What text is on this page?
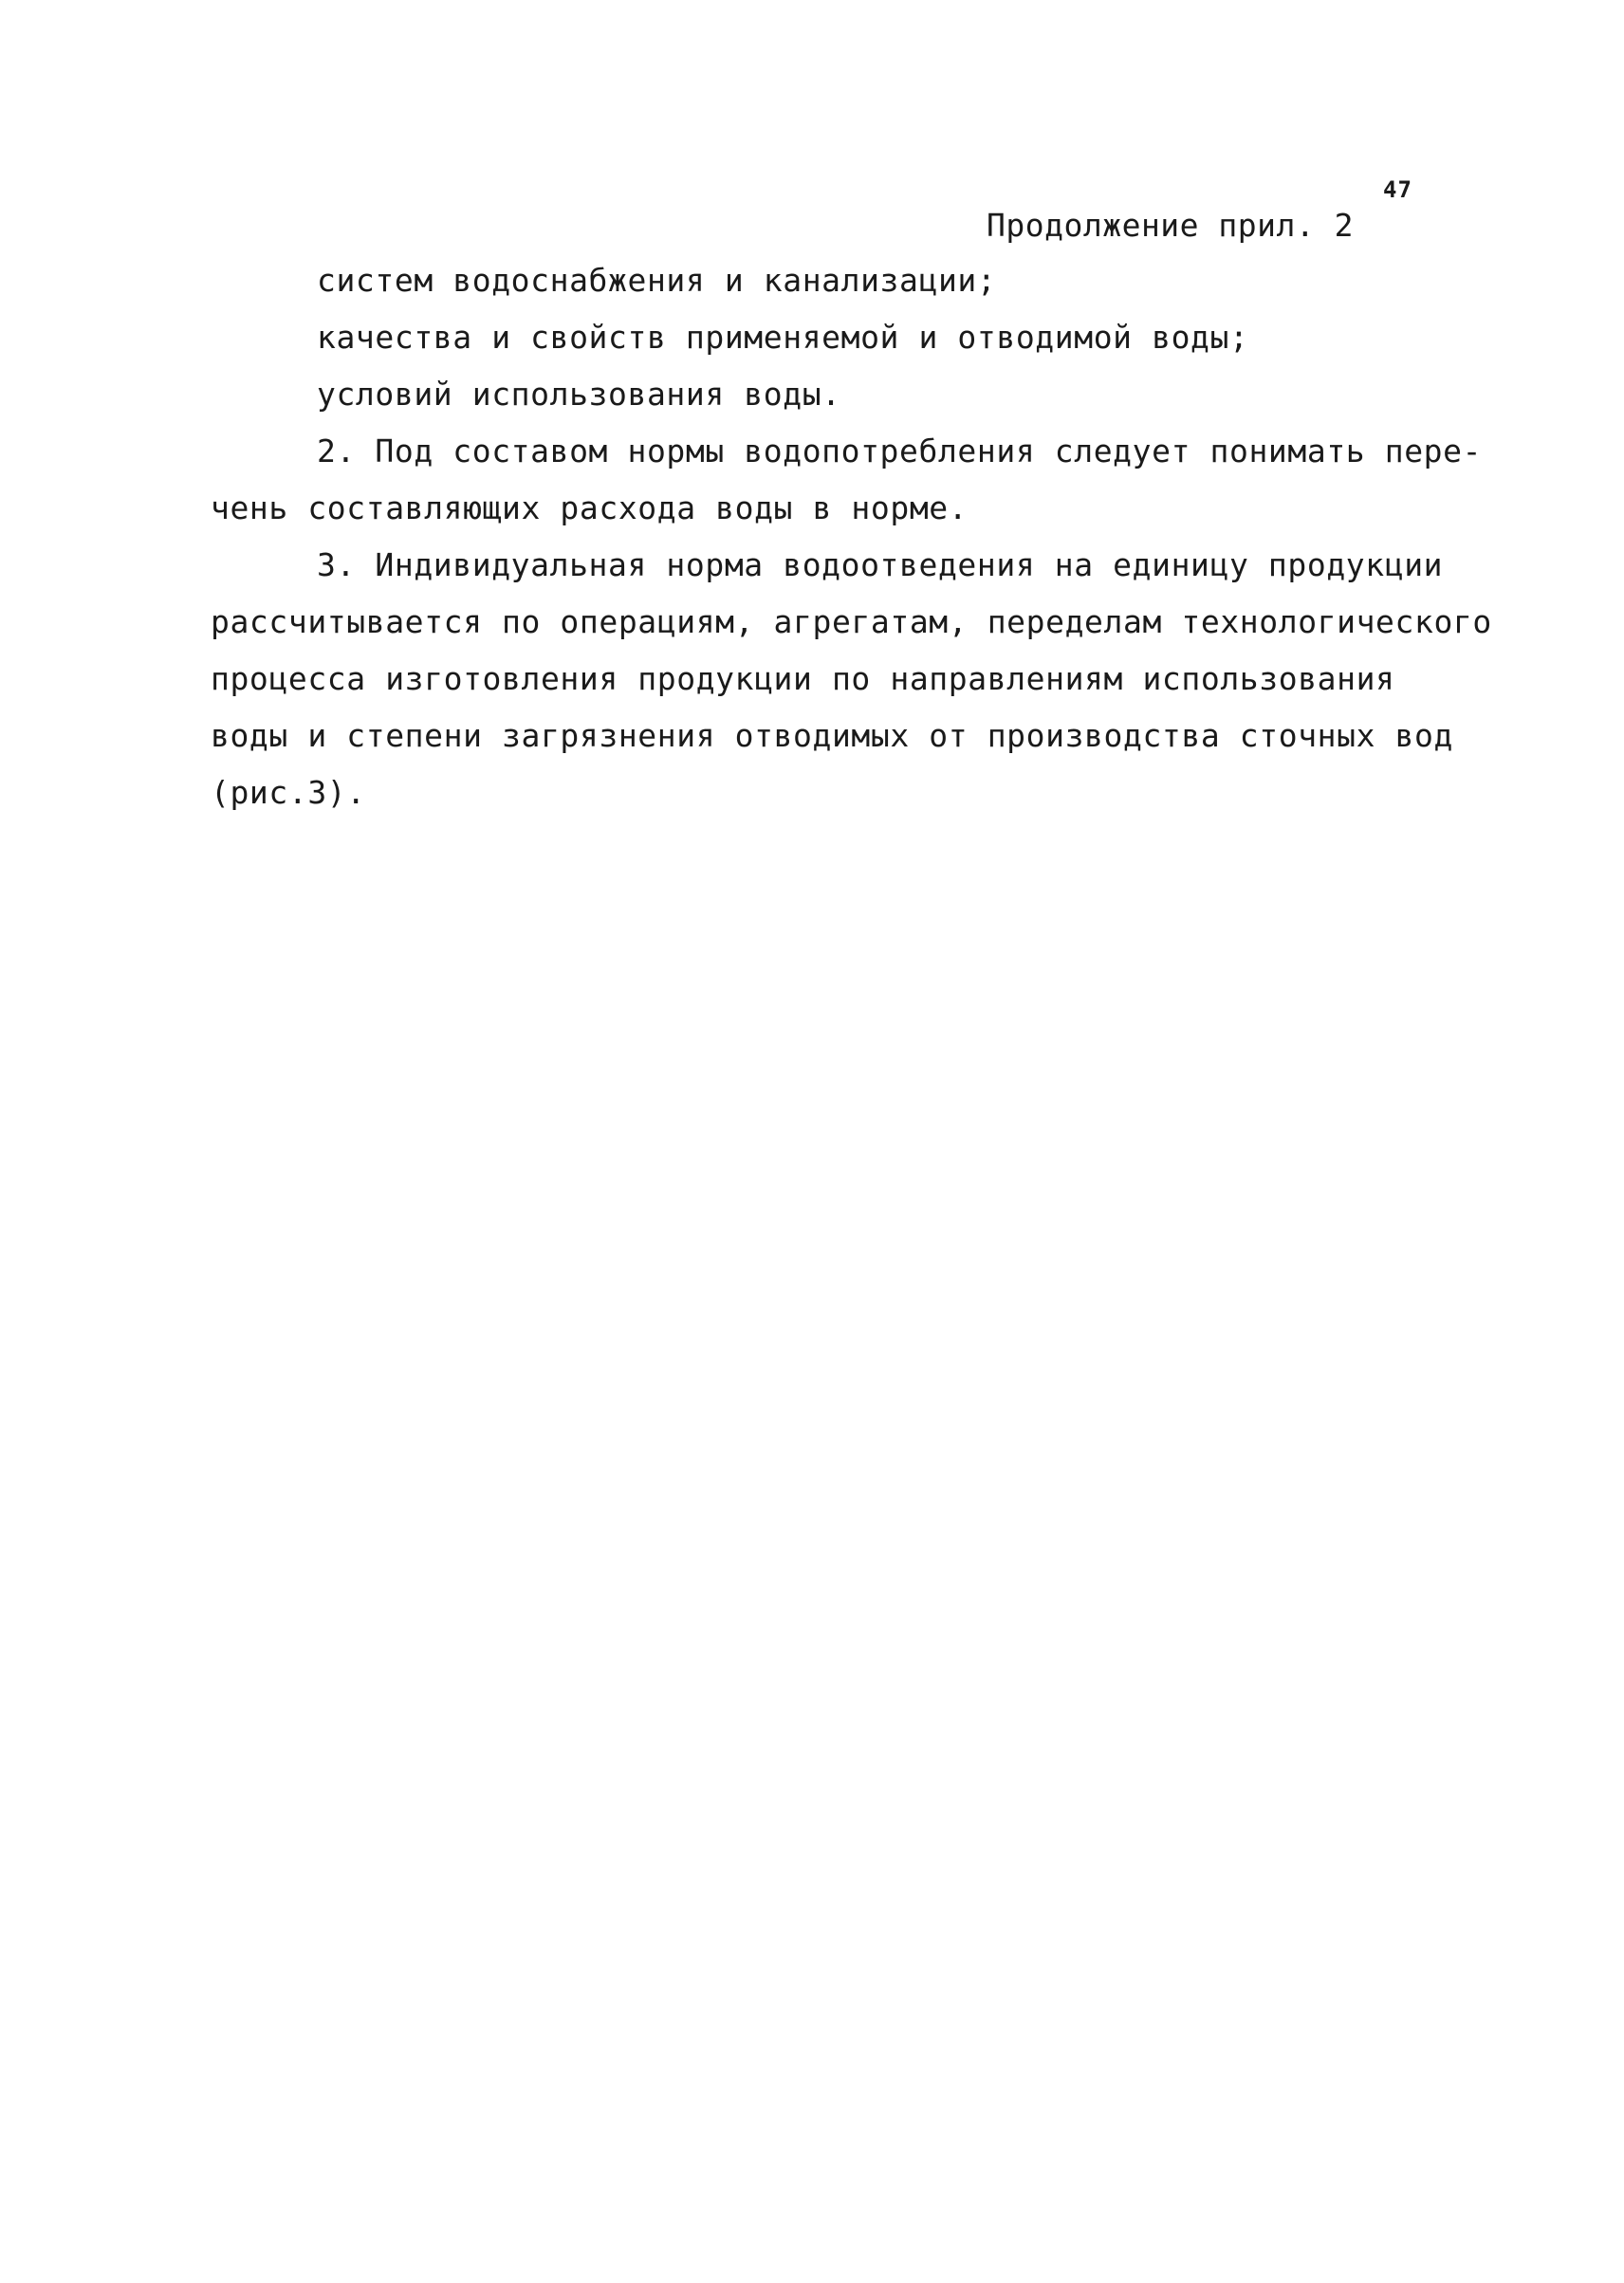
47
Продолжение прил. 2
систем водоснабжения и канализации;
качества и свойств применяемой и отводимой воды;
условий использования воды.
2. Под составом нормы водопотребления следует понимать пере-
чень составляющих расхода воды в норме.
3. Индивидуальная норма водоотведения на единицу продукции
рассчитывается по операциям, агрегатам, переделам технологического
процесса изготовления продукции по направлениям использования
воды и степени загрязнения отводимых от производства сточных вод
(рис.3).
